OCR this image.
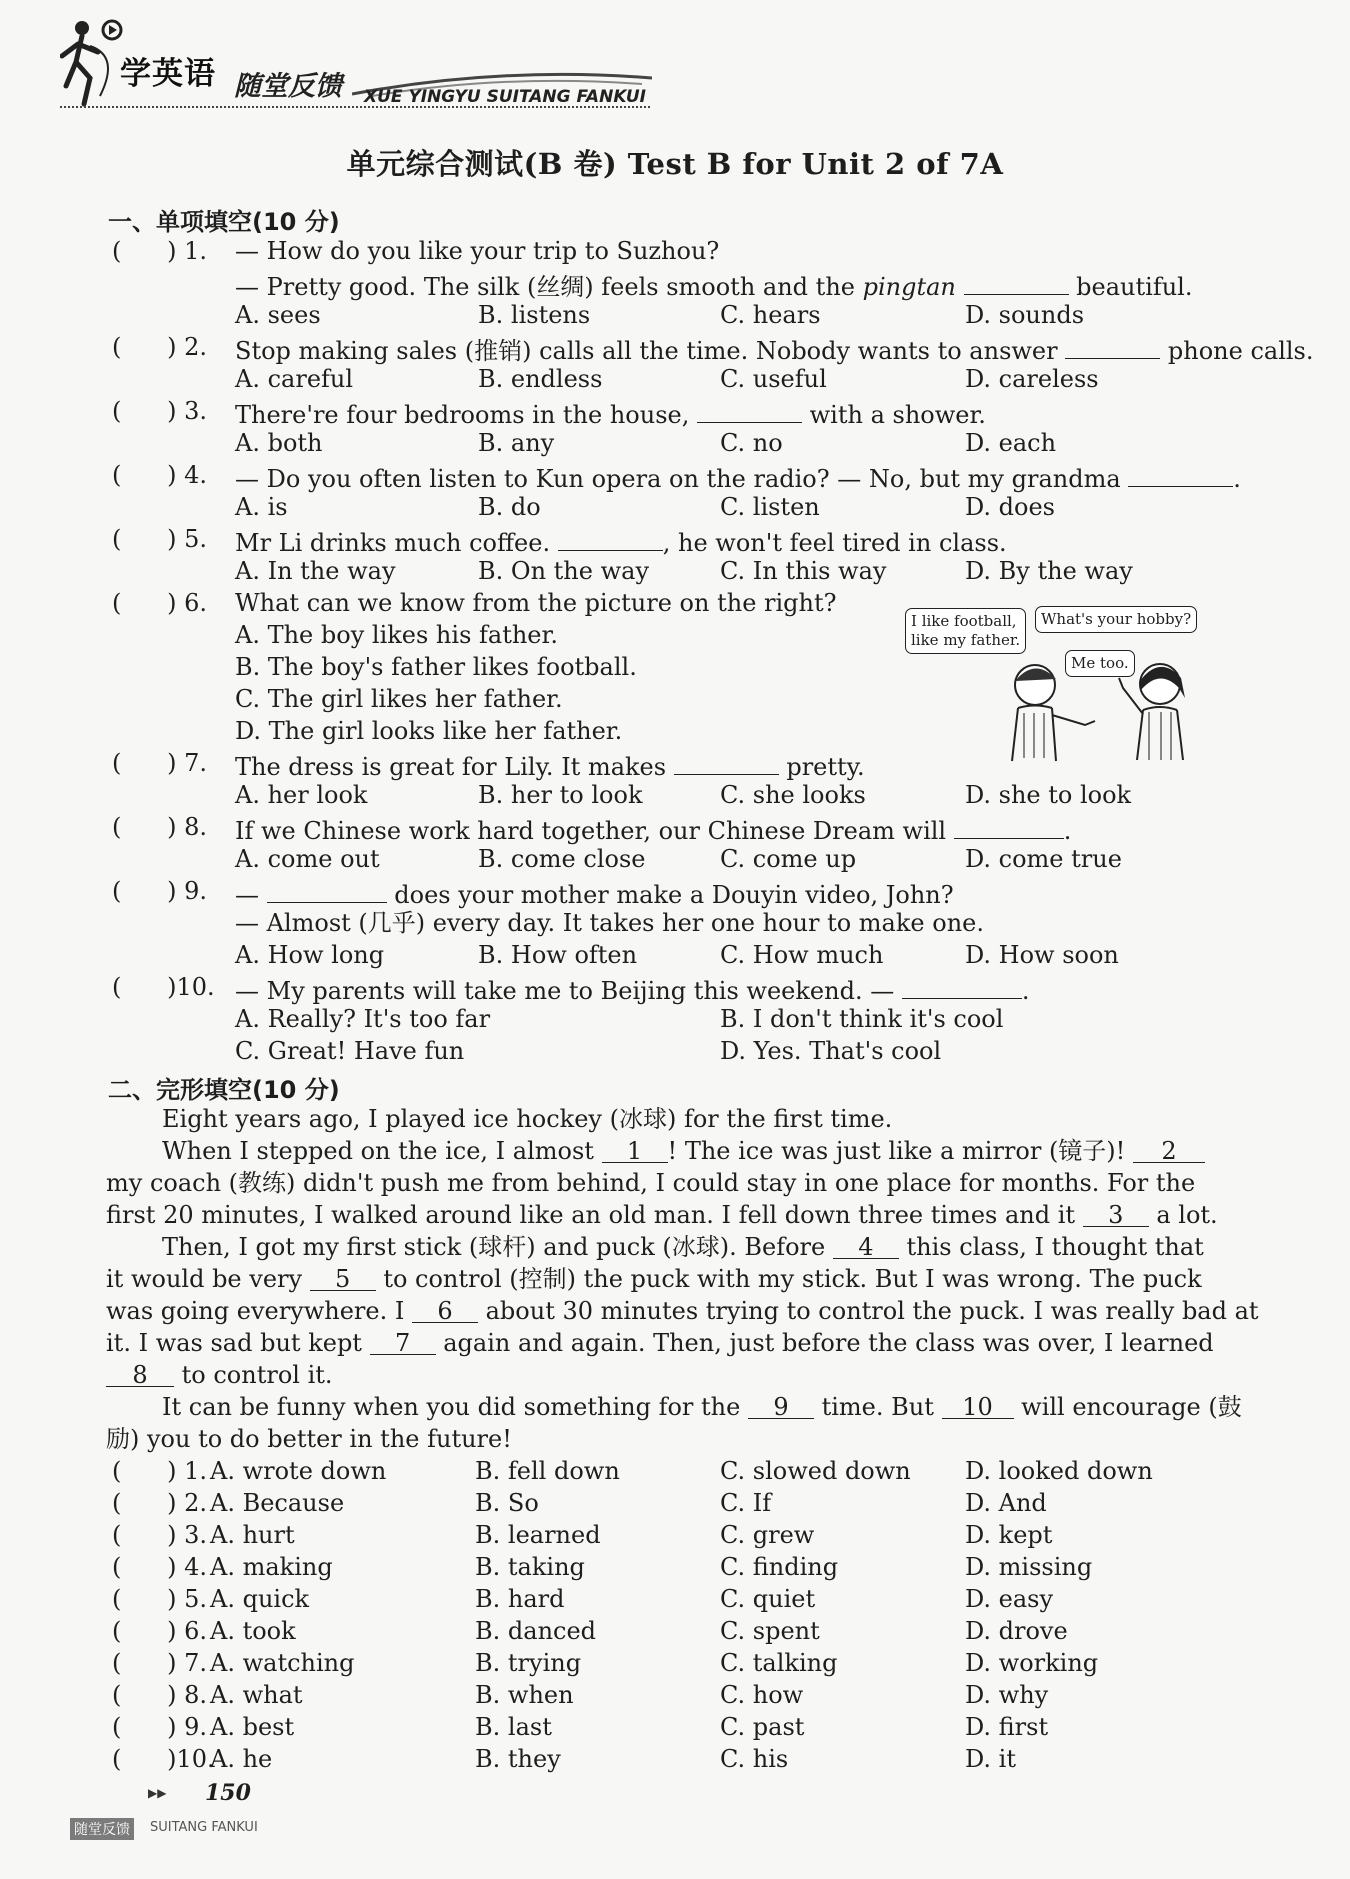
学英语 随堂反馈 XUE YINGYU SUITANG FANKUI
单元综合测试(B 卷) Test B for Unit 2 of 7A
一、单项填空(10 分)
(      ) 1. — How do you like your trip to Suzhou?
— Pretty good. The silk (丝绸) feels smooth and the pingtan	beautiful.
A. sees	B. listens	C. hears	D. sounds
(      ) 2. Stop making sales (推销) calls all the time. Nobody wants to answer	phone calls.
A. careful	B. endless	C. useful	D. careless
(      ) 3. There're four bedrooms in the house,	with a shower.
A. both	B. any	C. no	D. each
(      ) 4. — Do you often listen to Kun opera on the radio? — No, but my grandma	.
A. is	B. do	C. listen	D. does
(      ) 5. Mr Li drinks much coffee.	, he won't feel tired in class.
A. In the way	B. On the way	C. In this way	D. By the way
(      ) 6. What can we know from the picture on the right?
A. The boy likes his father.
B. The boy's father likes football.
C. The girl likes her father.
D. The girl looks like her father.
(      ) 7. The dress is great for Lily. It makes	pretty.
A. her look	B. her to look	C. she looks	D. she to look
(      ) 8. If we Chinese work hard together, our Chinese Dream will	.
A. come out	B. come close	C. come up	D. come true
(      ) 9. —	does your mother make a Douyin video, John?
— Almost (几乎) every day. It takes her one hour to make one.
A. How long	B. How often	C. How much	D. How soon
(      )10. — My parents will take me to Beijing this weekend. —	.
A. Really? It's too far	B. I don't think it's cool
C. Great! Have fun	D. Yes. That's cool
二、完形填空(10 分)
Eight years ago, I played ice hockey (冰球) for the first time.
When I stepped on the ice, I almost 1 ! The ice was just like a mirror (镜子)! 2
my coach (教练) didn't push me from behind, I could stay in one place for months. For the
first 20 minutes, I walked around like an old man. I fell down three times and it 3 a lot.
Then, I got my first stick (球杆) and puck (冰球). Before 4 this class, I thought that
it would be very 5 to control (控制) the puck with my stick. But I was wrong. The puck
was going everywhere. I 6 about 30 minutes trying to control the puck. I was really bad at
it. I was sad but kept 7 again and again. Then, just before the class was over, I learned
8 to control it.
It can be funny when you did something for the 9 time. But 10 will encourage (鼓
励) you to do better in the future!
(      ) 1. A. wrote down	B. fell down	C. slowed down D. looked down
(      ) 2. A. Because	B. So	C. If	D. And
(      ) 3. A. hurt	B. learned	C. grew	D. kept
(      ) 4. A. making	B. taking	C. finding	D. missing
(      ) 5. A. quick	B. hard	C. quiet	D. easy
(      ) 6. A. took	B. danced	C. spent	D. drove
(      ) 7. A. watching	B. trying	C. talking	D. working
(      ) 8. A. what	B. when	C. how	D. why
(      ) 9. A. best	B. last	C. past	D. first
(      )10.
A. he	B. they	C. his	D. it
I like football,
like my father.
What's your hobby?
Me too.
▶▶ 150
随堂反馈	SUITANG FANKUI
